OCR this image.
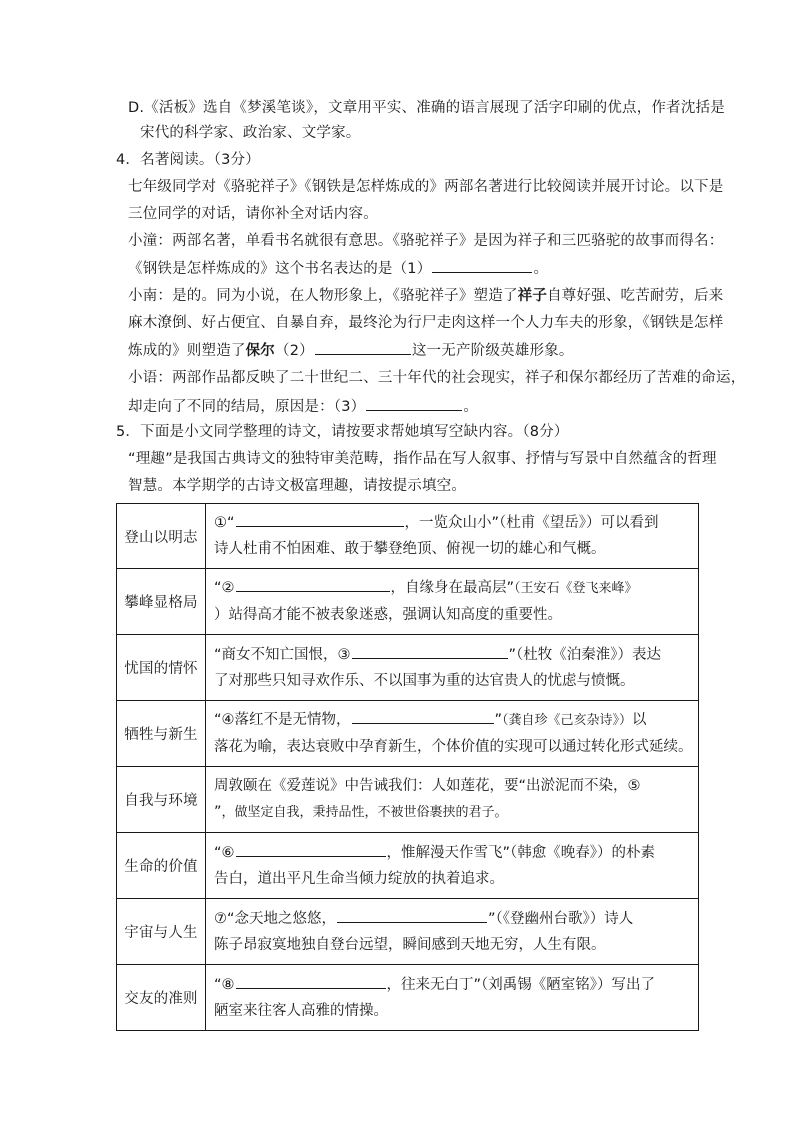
D.《活板》选自《梦溪笔谈》，文章用平实、准确的语言展现了活字印刷的优点，作者沈括是
宋代的科学家、政治家、文学家。
4．名著阅读。（3分）
七年级同学对《骆驼祥子》《钢铁是怎样炼成的》两部名著进行比较阅读并展开讨论。以下是
三位同学的对话，请你补全对话内容。
小潼：两部名著，单看书名就很有意思。《骆驼祥子》是因为祥子和三匹骆驼的故事而得名：
《钢铁是怎样炼成的》这个书名表达的是（1）	。
小南：是的。同为小说，在人物形象上，《骆驼祥子》塑造了祥子自尊好强、吃苦耐劳，后来
麻木潦倒、好占便宜、自暴自弃，最终沦为行尸走肉这样一个人力车夫的形象，《钢铁是怎样
炼成的》则塑造了保尔（2）	这一无产阶级英雄形象。
小语：两部作品都反映了二十世纪二、三十年代的社会现实，祥子和保尔都经历了苦难的命运，
却走向了不同的结局，原因是：（3）	。
5．下面是小文同学整理的诗文，请按要求帮她填写空缺内容。（8分）
“理趣”是我国古典诗文的独特审美范畴，指作品在写人叙事、抒情与写景中自然蕴含的哲理
智慧。本学期学的古诗文极富理趣，请按提示填空。
登山以明志	①“ ，一览众山小”（杜甫《望岳》）可以看到
诗人杜甫不怕困难、敢于攀登绝顶、俯视一切的雄心和气概。

攀峰显格局	“② ，自缘身在最高层”（王安石《登飞来峰》
）站得高才能不被表象迷惑，强调认知高度的重要性。

忧国的情怀	“商女不知亡国恨，③ ”（杜牧《泊秦淮》）表达
了对那些只知寻欢作乐、不以国事为重的达官贵人的忧虑与愤慨。

牺牲与新生	“④落红不是无情物， ”（龚自珍《己亥杂诗》）以
落花为喻，表达衰败中孕育新生，个体价值的实现可以通过转化形式延续。

自我与环境	周敦颐在《爱莲说》中告诫我们：人如莲花，要“出淤泥而不染，⑤
”，做坚定自我，秉持品性，不被世俗裹挟的君子。

生命的价值	“⑥ ，惟解漫天作雪飞”（韩愈《晚春》）的朴素
告白，道出平凡生命当倾力绽放的执着追求。

宇宙与人生	⑦“念天地之悠悠， ”（《登幽州台歌》）诗人
陈子昂寂寞地独自登台远望，瞬间感到天地无穷，人生有限。

交友的准则	“⑧ ，往来无白丁”（刘禹锡《陋室铭》）写出了
陋室来往客人高雅的情操。
